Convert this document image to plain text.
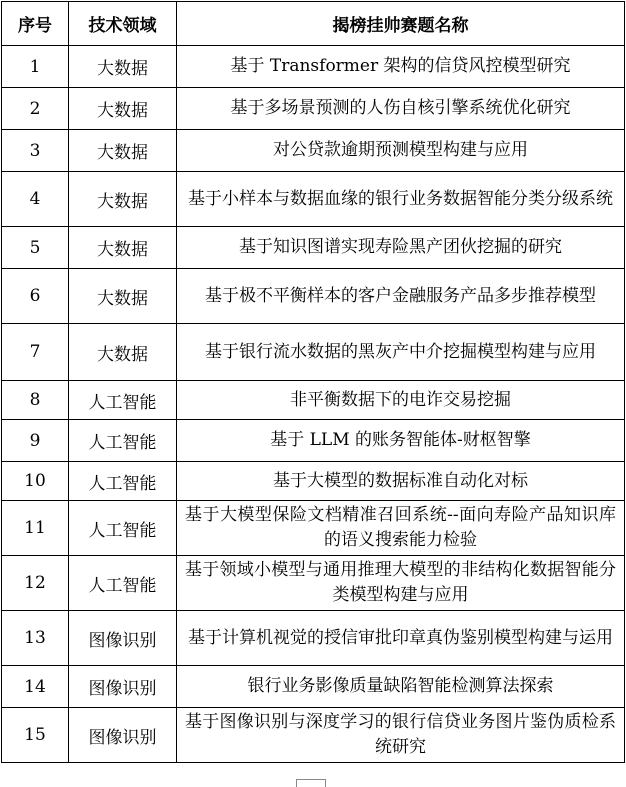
序号	技术领域	揭榜挂帅赛题名称
1	大数据	基于 Transformer 架构的信贷风控模型研究
2	大数据	基于多场景预测的人伤自核引擎系统优化研究
3	大数据	对公贷款逾期预测模型构建与应用
4	大数据	基于小样本与数据血缘的银行业务数据智能分类分级系统
5	大数据	基于知识图谱实现寿险黑产团伙挖掘的研究
6	大数据	基于极不平衡样本的客户金融服务产品多步推荐模型
7	大数据	基于银行流水数据的黑灰产中介挖掘模型构建与应用
8	人工智能	非平衡数据下的电诈交易挖掘
9	人工智能	基于 LLM 的账务智能体-财枢智擎
10	人工智能	基于大模型的数据标准自动化对标
11	人工智能	基于大模型保险文档精准召回系统--面向寿险产品知识库的语义搜索能力检验
12	人工智能	基于领域小模型与通用推理大模型的非结构化数据智能分类模型构建与应用
13	图像识别	基于计算机视觉的授信审批印章真伪鉴别模型构建与运用
14	图像识别	银行业务影像质量缺陷智能检测算法探索
15	图像识别	基于图像识别与深度学习的银行信贷业务图片鉴伪质检系统研究
